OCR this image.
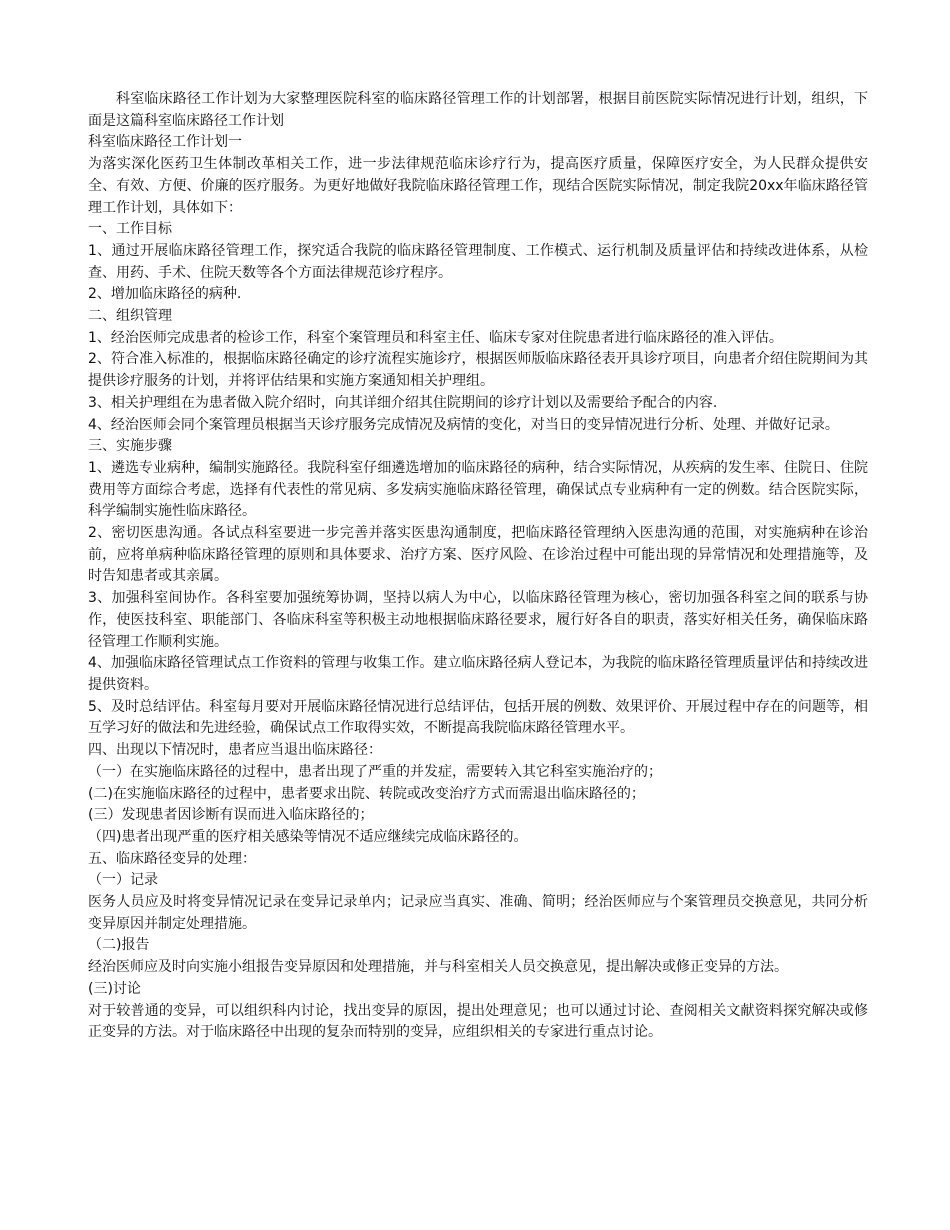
科室临床路径工作计划为大家整理医院科室的临床路径管理工作的计划部署，根据目前医院实际情况进行计划，组织，下面是这篇科室临床路径工作计划

科室临床路径工作计划一

为落实深化医药卫生体制改革相关工作，进一步法律规范临床诊疗行为，提高医疗质量，保障医疗安全，为人民群众提供安全、有效、方便、价廉的医疗服务。为更好地做好我院临床路径管理工作，现结合医院实际情况，制定我院20xx年临床路径管理工作计划，具体如下：

一、工作目标

1、通过开展临床路径管理工作，探究适合我院的临床路径管理制度、工作模式、运行机制及质量评估和持续改进体系，从检查、用药、手术、住院天数等各个方面法律规范诊疗程序。

2、增加临床路径的病种.

二、组织管理

1、经治医师完成患者的检诊工作，科室个案管理员和科室主任、临床专家对住院患者进行临床路径的准入评估。

2、符合准入标准的，根据临床路径确定的诊疗流程实施诊疗，根据医师版临床路径表开具诊疗项目，向患者介绍住院期间为其提供诊疗服务的计划，并将评估结果和实施方案通知相关护理组。

3、相关护理组在为患者做入院介绍时，向其详细介绍其住院期间的诊疗计划以及需要给予配合的内容.

4、经治医师会同个案管理员根据当天诊疗服务完成情况及病情的变化，对当日的变异情况进行分析、处理、并做好记录。

三、实施步骤

1、遴选专业病种，编制实施路径。我院科室仔细遴选增加的临床路径的病种，结合实际情况，从疾病的发生率、住院日、住院费用等方面综合考虑，选择有代表性的常见病、多发病实施临床路径管理，确保试点专业病种有一定的例数。结合医院实际，科学编制实施性临床路径。

2、密切医患沟通。各试点科室要进一步完善并落实医患沟通制度，把临床路径管理纳入医患沟通的范围，对实施病种在诊治前，应将单病种临床路径管理的原则和具体要求、治疗方案、医疗风险、在诊治过程中可能出现的异常情况和处理措施等，及时告知患者或其亲属。

3、加强科室间协作。各科室要加强统筹协调，坚持以病人为中心，以临床路径管理为核心，密切加强各科室之间的联系与协作，使医技科室、职能部门、各临床科室等积极主动地根据临床路径要求，履行好各自的职责，落实好相关任务，确保临床路径管理工作顺利实施。

4、加强临床路径管理试点工作资料的管理与收集工作。建立临床路径病人登记本，为我院的临床路径管理质量评估和持续改进提供资料。

5、及时总结评估。科室每月要对开展临床路径情况进行总结评估，包括开展的例数、效果评价、开展过程中存在的问题等，相互学习好的做法和先进经验，确保试点工作取得实效，不断提高我院临床路径管理水平。

四、出现以下情况时，患者应当退出临床路径：

（一）在实施临床路径的过程中，患者出现了严重的并发症，需要转入其它科室实施治疗的；

(二)在实施临床路径的过程中，患者要求出院、转院或改变治疗方式而需退出临床路径的；

(三）发现患者因诊断有误而进入临床路径的；

（四)患者出现严重的医疗相关感染等情况不适应继续完成临床路径的。

五、临床路径变异的处理：

（一）记录

医务人员应及时将变异情况记录在变异记录单内；记录应当真实、准确、简明；经治医师应与个案管理员交换意见，共同分析变异原因并制定处理措施。

（二)报告

经治医师应及时向实施小组报告变异原因和处理措施，并与科室相关人员交换意见，提出解决或修正变异的方法。

(三)讨论

对于较普通的变异，可以组织科内讨论，找出变异的原因，提出处理意见；也可以通过讨论、查阅相关文献资料探究解决或修正变异的方法。对于临床路径中出现的复杂而特别的变异，应组织相关的专家进行重点讨论。
